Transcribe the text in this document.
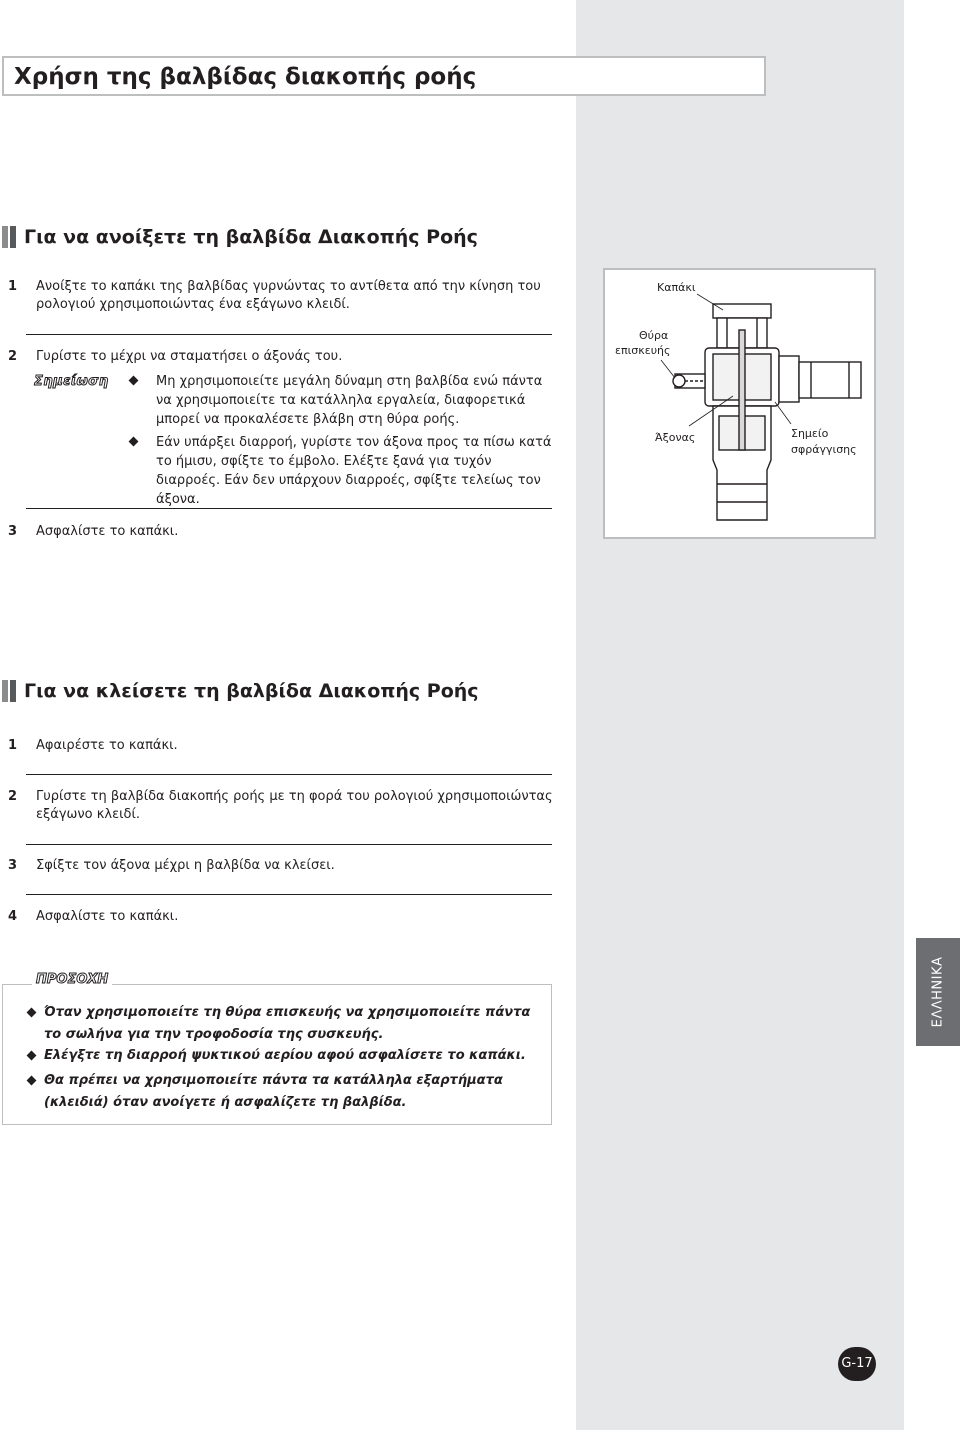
Χρήση της βαλβίδας διακοπής ροής
Για να ανοίξετε τη βαλβίδα Διακοπής Ροής
1 Ανοίξτε το καπάκι της βαλβίδας γυρνώντας το αντίθετα από την κίνηση του ρολογιού χρησιμοποιώντας ένα εξάγωνο κλειδί.
2 Γυρίστε το μέχρι να σταματήσει ο άξονάς του.
Σημείωση	Μη χρησιμοποιείτε μεγάλη δύναμη στη βαλβίδα ενώ πάντα να χρησιμοποιείτε τα κατάλληλα εργαλεία, διαφορετικά μπορεί να προκαλέσετε βλάβη στη θύρα ροής.
Εάν υπάρξει διαρροή, γυρίστε τον άξονα προς τα πίσω κατά το ήμισυ, σφίξτε το έμβολο. Ελέξτε ξανά για τυχόν διαρροές. Εάν δεν υπάρχουν διαρροές, σφίξτε τελείως τον άξονα.
3 Ασφαλίστε το καπάκι.
Καπάκι
Θύρα
επισκευής
Άξονας	Σημείο
σφράγγισης
Για να κλείσετε τη βαλβίδα Διακοπής Ροής
1 Αφαιρέστε το καπάκι.
2 Γυρίστε τη βαλβίδα διακοπής ροής με τη φορά του ρολογιού χρησιμοποιώντας εξάγωνο κλειδί.
3 Σφίξτε τον άξονα μέχρι η βαλβίδα να κλείσει.
4 Ασφαλίστε το καπάκι.
ΠΡΟΣΟΧΗ
Όταν χρησιμοποιείτε τη θύρα επισκευής να χρησιμοποιείτε πάντα το σωλήνα για την τροφοδοσία της συσκευής.
Ελέγξτε τη διαρροή ψυκτικού αερίου αφού ασφαλίσετε το καπάκι.
Θα πρέπει να χρησιμοποιείτε πάντα τα κατάλληλα εξαρτήματα (κλειδιά) όταν ανοίγετε ή ασφαλίζετε τη βαλβίδα.
ΕΛΛΗΝΙΚΑ
G-17
